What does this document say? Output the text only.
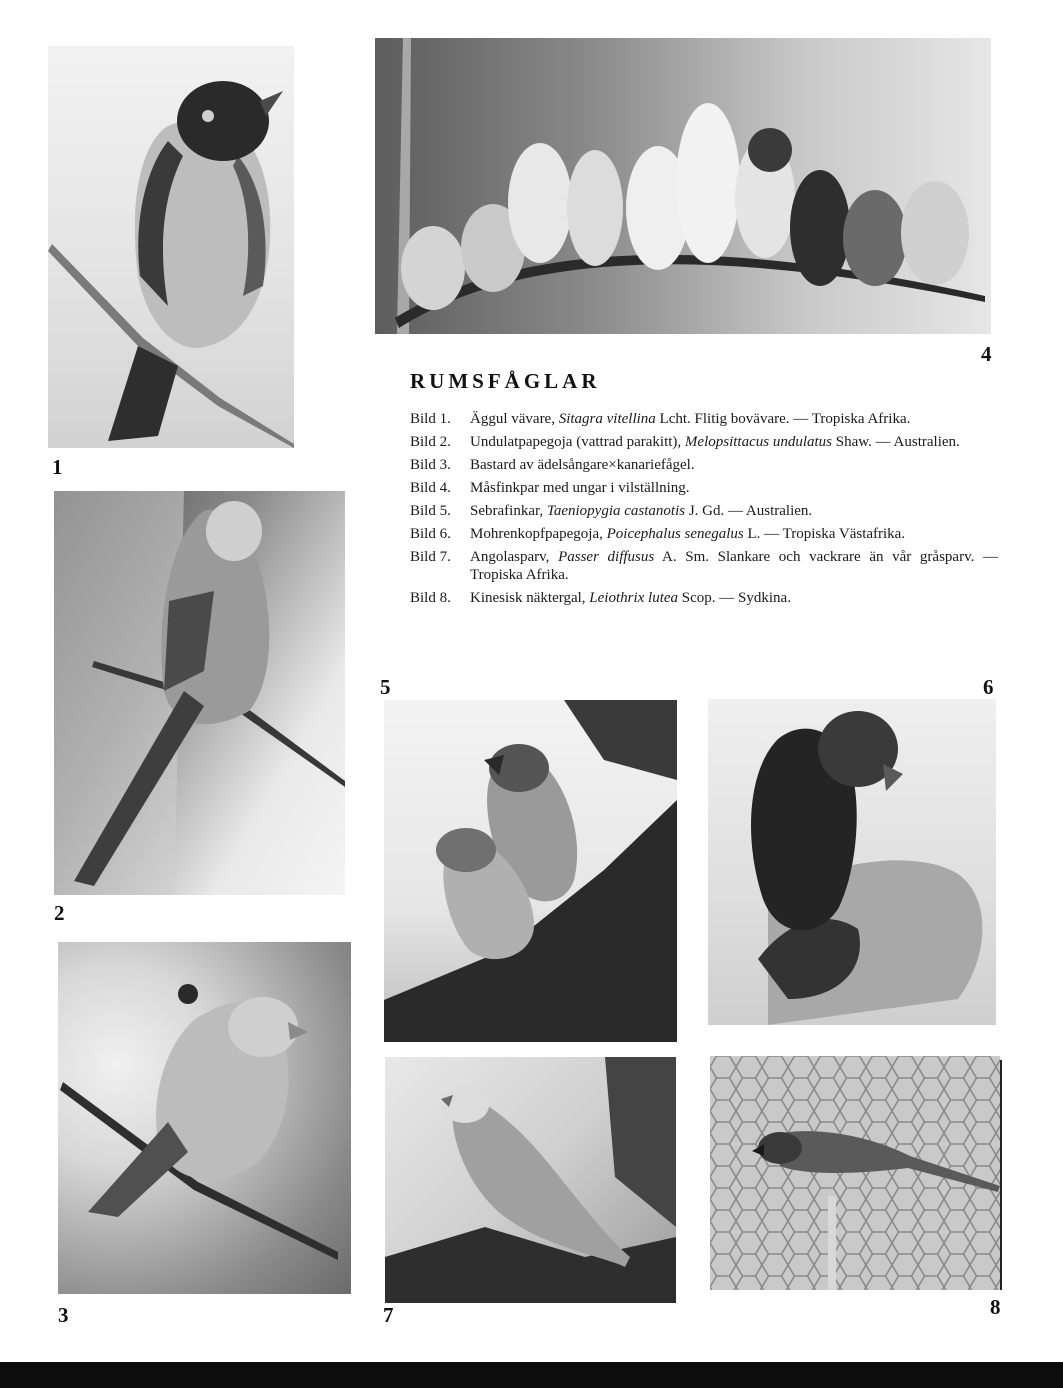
1
4
2
3
5	6
7	8
RUMSFÅGLAR
Bild 1.	Äggul vävare, Sitagra vitellina Lcht. Flitig bovävare. — Tropiska Afrika.
Bild 2.	Undulatpapegoja (vattrad parakitt), Melopsittacus undulatus Shaw. — Australien.
Bild 3.	Bastard av ädelsångare×kanariefågel.
Bild 4.	Måsfinkpar med ungar i vilställning.
Bild 5.	Sebrafinkar, Taeniopygia castanotis J. Gd. — Australien.
Bild 6.	Mohrenkopfpapegoja, Poicephalus senegalus L. — Tropiska Västafrika.
Bild 7.	Angolasparv, Passer diffusus A. Sm. Slankare och vackrare än vår gråsparv. — Tropiska Afrika.
Bild 8.	Kinesisk näktergal, Leiothrix lutea Scop. — Sydkina.
